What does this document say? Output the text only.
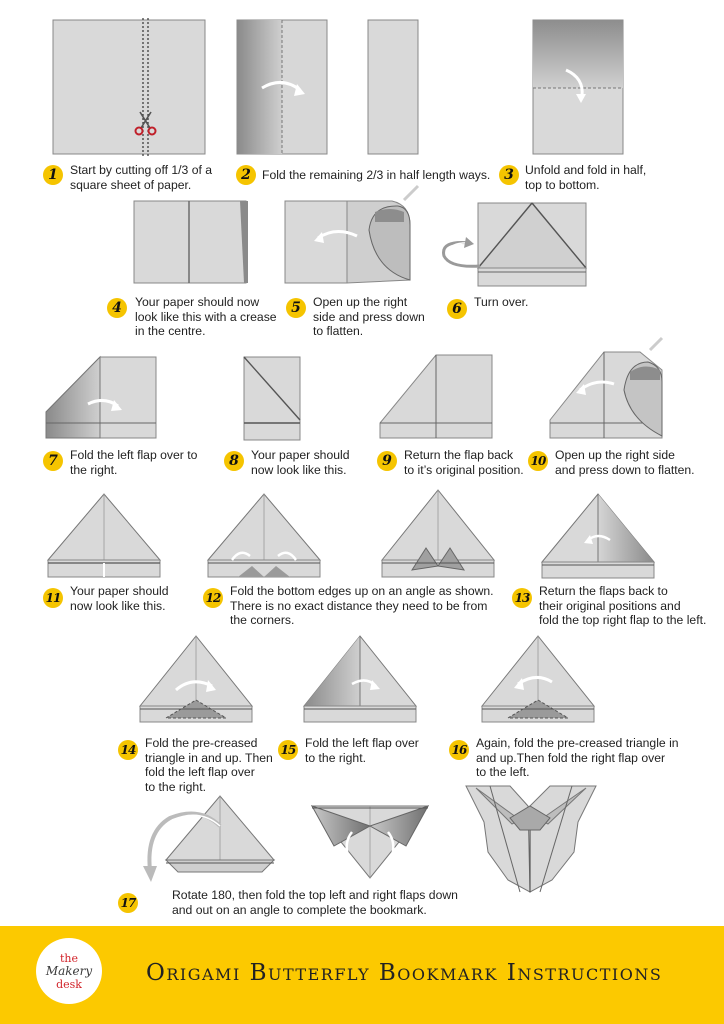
1 Start by cutting off 1/3 of a
square sheet of paper.
2 Fold the remaining 2/3 in half length ways. 3 Unfold and fold in half,
top to bottom.
4	Your paper should now
look like this with a crease
in the centre.
5 Open up the right
side and press down
to flatten.
6 Turn over.
7 Fold the left flap over to
the right.
8 Your paper should
now look like this.
9 Return the flap back
to it’s original position.
10 Open up the right side
and press down to flatten.
11 Your paper should
now look like this.
12 Fold the bottom edges up on an angle as shown.
There is no exact distance they need to be from
the corners.
13 Return the flaps back to
their original positions and
fold the top right flap to the left.
14 Fold the pre-creased
triangle in and up. Then
fold the left flap over
to the right.
15 Fold the left flap over
to the right.
16 Again, fold the pre-creased triangle in
and up.Then fold the right flap over
to the left.
17
Rotate 180, then fold the top left and right flaps down
and out on an angle to complete the bookmark.
the
Makery
desk	Origami Butterfly Bookmark Instructions
